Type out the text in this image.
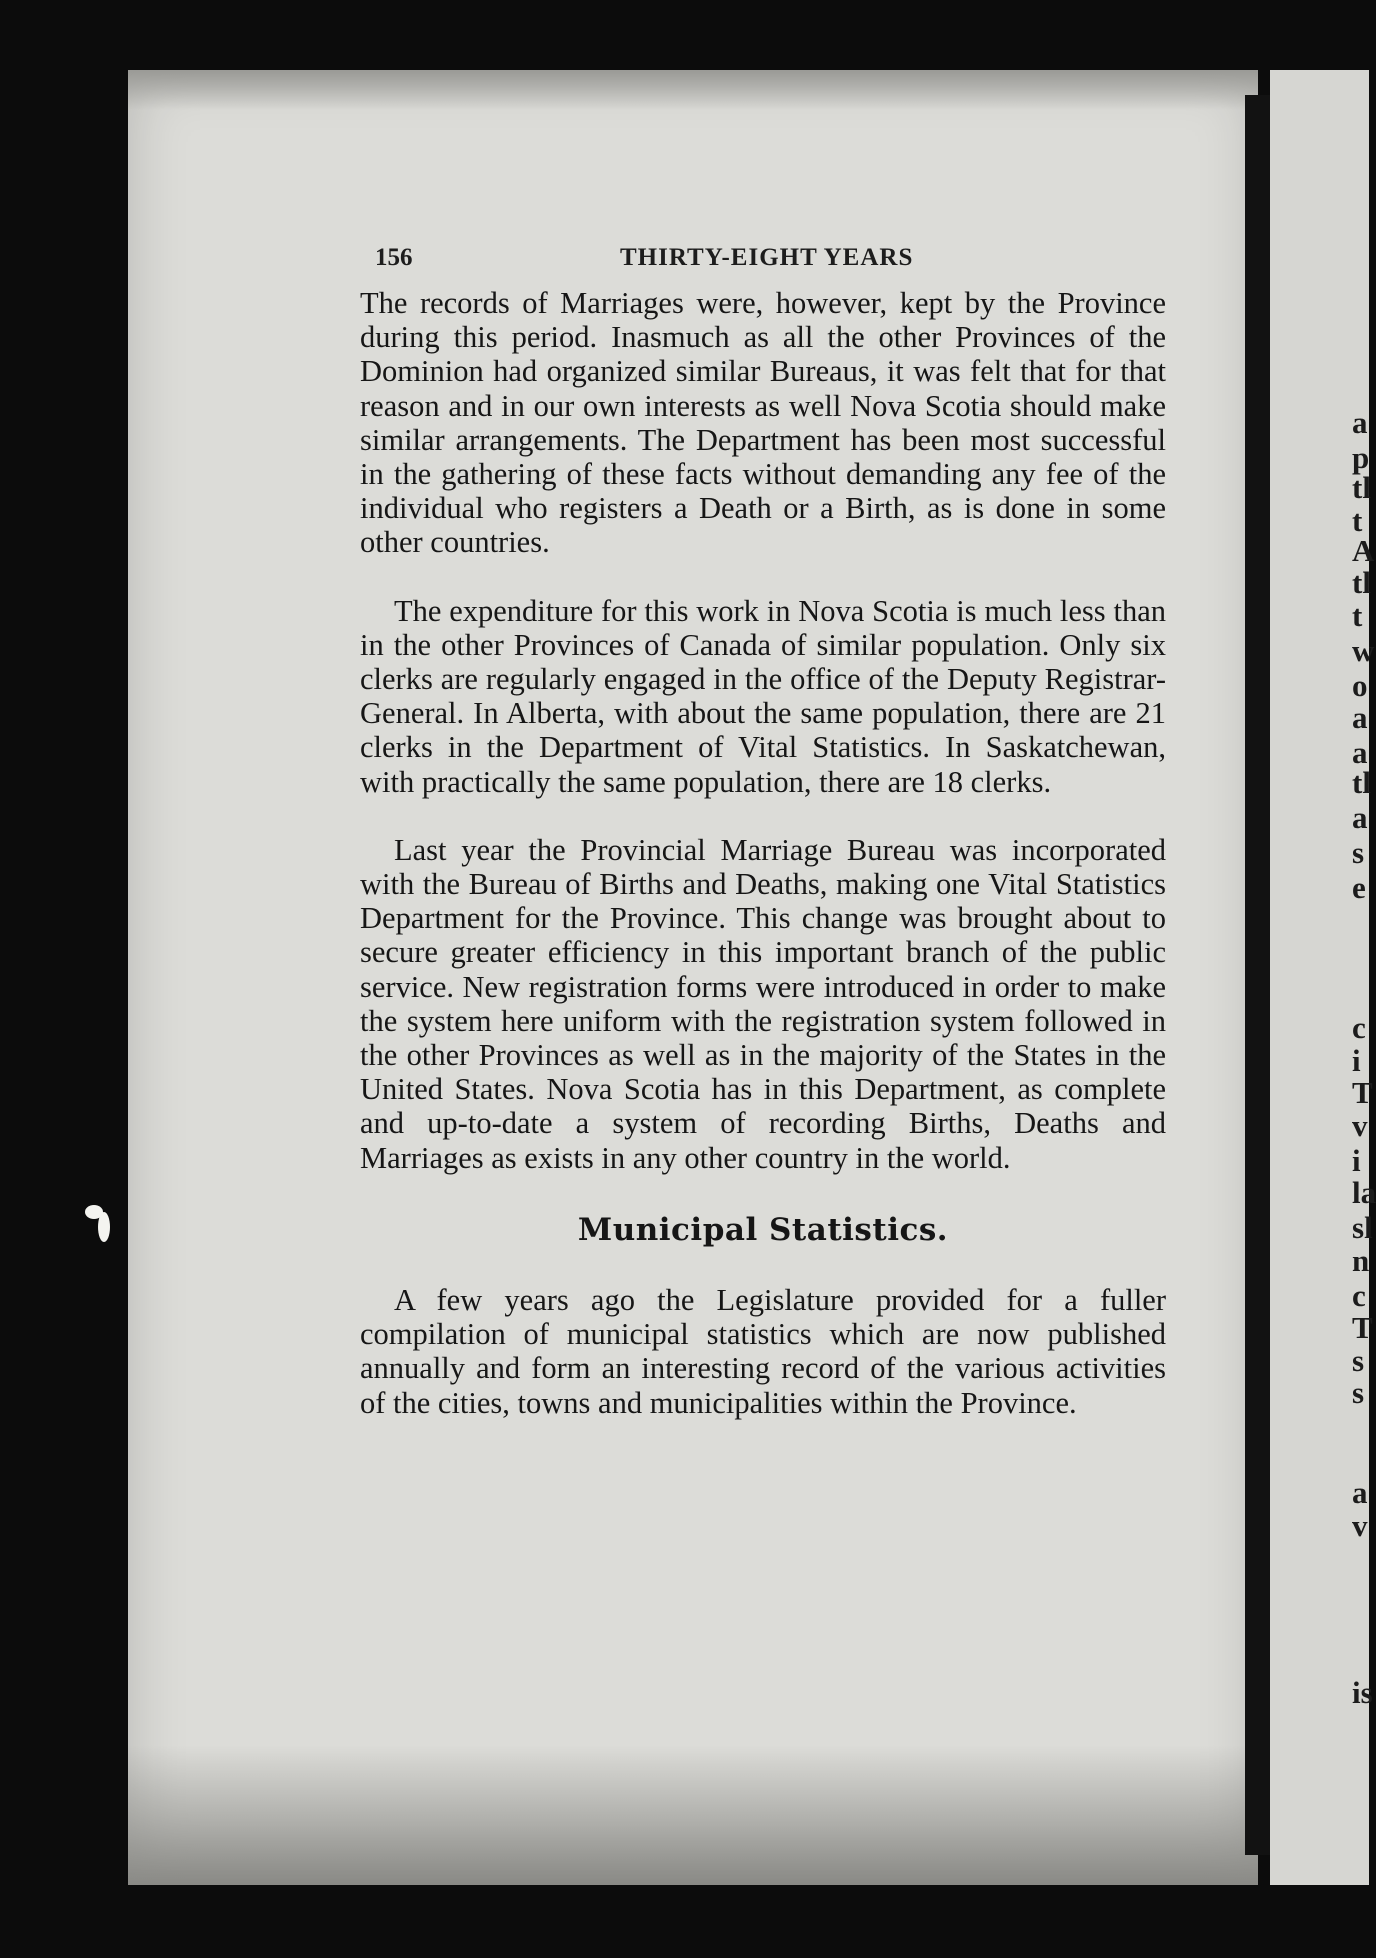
a
p
tl
t
A
tl
t
w
o
a
a
tl
a
s
e
c
i
T
v
i
la
sl
n
c
T
s
s
a
v
is
156	THIRTY-EIGHT YEARS

The records of Marriages were, however, kept by the Province during this period. Inasmuch as all the other Provinces of the Dominion had organized similar Bureaus, it was felt that for that reason and in our own interests as well Nova Scotia should make similar arrangements. The Department has been most successful in the gathering of these facts without demanding any fee of the individual who registers a Death or a Birth, as is done in some other countries.

The expenditure for this work in Nova Scotia is much less than in the other Provinces of Canada of similar population. Only six clerks are regularly engaged in the office of the Deputy Registrar-General. In Alberta, with about the same population, there are 21 clerks in the Department of Vital Statistics. In Saskatchewan, with practically the same population, there are 18 clerks.

Last year the Provincial Marriage Bureau was incorporated with the Bureau of Births and Deaths, making one Vital Statistics Department for the Province. This change was brought about to secure greater efficiency in this important branch of the public service. New registration forms were introduced in order to make the system here uniform with the registration system followed in the other Provinces as well as in the majority of the States in the United States. Nova Scotia has in this Department, as complete and up-to-date a system of recording Births, Deaths and Marriages as exists in any other country in the world.

Municipal Statistics.

A few years ago the Legislature provided for a fuller compilation of municipal statistics which are now published annually and form an interesting record of the various activities of the cities, towns and municipalities within the Province.
